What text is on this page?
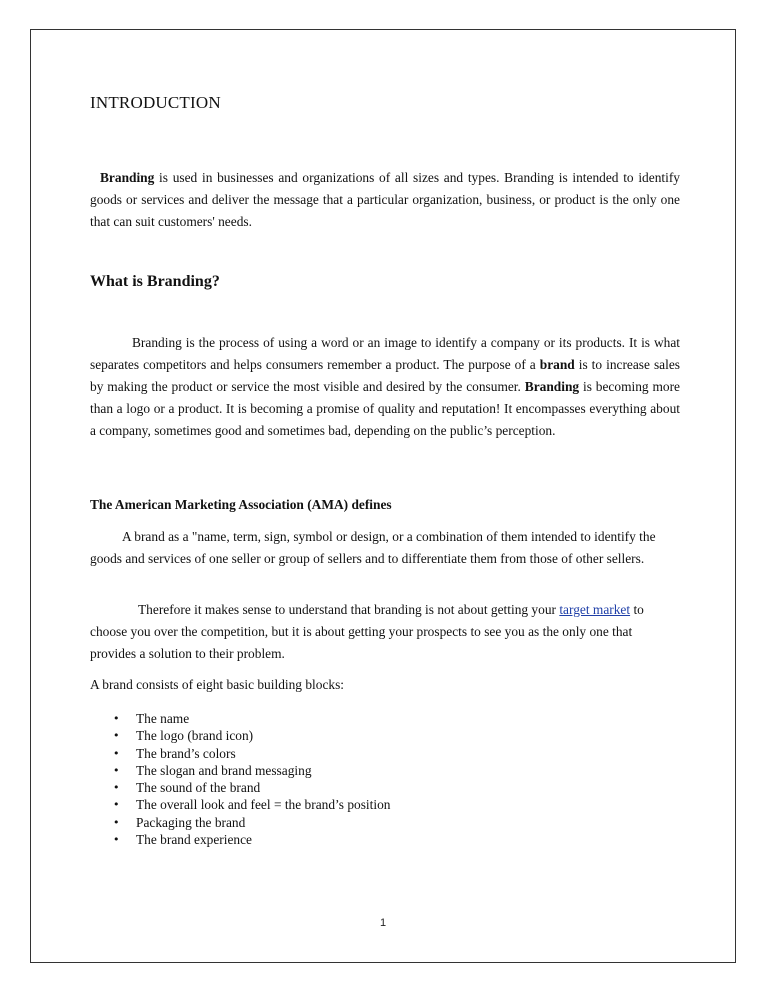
INTRODUCTION

Branding is used in businesses and organizations of all sizes and types. Branding is intended to identify goods or services and deliver the message that a particular organization, business, or product is the only one that can suit customers' needs.

What is Branding?

Branding is the process of using a word or an image to identify a company or its products. It is what separates competitors and helps consumers remember a product. The purpose of a brand is to increase sales by making the product or service the most visible and desired by the consumer. Branding is becoming more than a logo or a product. It is becoming a promise of quality and reputation! It encompasses everything about a company, sometimes good and sometimes bad, depending on the public’s perception.

The American Marketing Association (AMA) defines

A brand as a "name, term, sign, symbol or design, or a combination of them intended to identify the goods and services of one seller or group of sellers and to differentiate them from those of other sellers.

Therefore it makes sense to understand that branding is not about getting your target market to choose you over the competition, but it is about getting your prospects to see you as the only one that provides a solution to their problem.

A brand consists of eight basic building blocks:

• The name
• The logo (brand icon)
• The brand’s colors
• The slogan and brand messaging
• The sound of the brand
• The overall look and feel = the brand’s position
• Packaging the brand
• The brand experience
1
